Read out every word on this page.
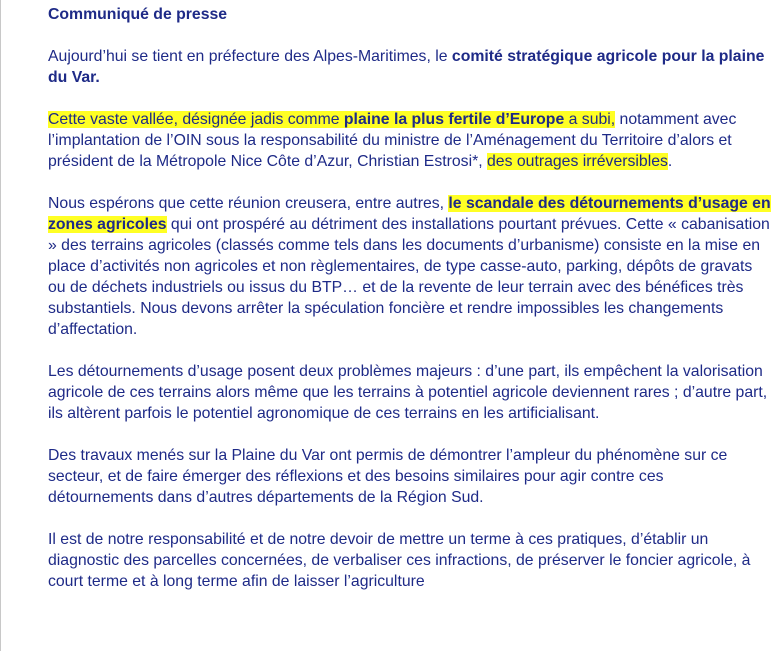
Communiqué de presse

Aujourd’hui se tient en préfecture des Alpes-Maritimes, le comité stratégique agricole pour la plaine du Var.

Cette vaste vallée, désignée jadis comme plaine la plus fertile d’Europe a subi, notamment avec l’implantation de l’OIN sous la responsabilité du ministre de l’Aménagement du Territoire d’alors et président de la Métropole Nice Côte d’Azur, Christian Estrosi*, des outrages irréversibles.

Nous espérons que cette réunion creusera, entre autres, le scandale des détournements d’usage en zones agricoles qui ont prospéré au détriment des installations pourtant prévues. Cette « cabanisation » des terrains agricoles (classés comme tels dans les documents d’urbanisme) consiste en la mise en place d’activités non agricoles et non règlementaires, de type casse-auto, parking, dépôts de gravats ou de déchets industriels ou issus du BTP… et de la revente de leur terrain avec des bénéfices très substantiels. Nous devons arrêter la spéculation foncière et rendre impossibles les changements d’affectation.

Les détournements d’usage posent deux problèmes majeurs : d’une part, ils empêchent la valorisation agricole de ces terrains alors même que les terrains à potentiel agricole deviennent rares ; d’autre part, ils altèrent parfois le potentiel agronomique de ces terrains en les artificialisant.

Des travaux menés sur la Plaine du Var ont permis de démontrer l’ampleur du phénomène sur ce secteur, et de faire émerger des réflexions et des besoins similaires pour agir contre ces détournements dans d’autres départements de la Région Sud.

Il est de notre responsabilité et de notre devoir de mettre un terme à ces pratiques, d’établir un diagnostic des parcelles concernées, de verbaliser ces infractions, de préserver le foncier agricole, à court terme et à long terme afin de laisser l’agriculture
